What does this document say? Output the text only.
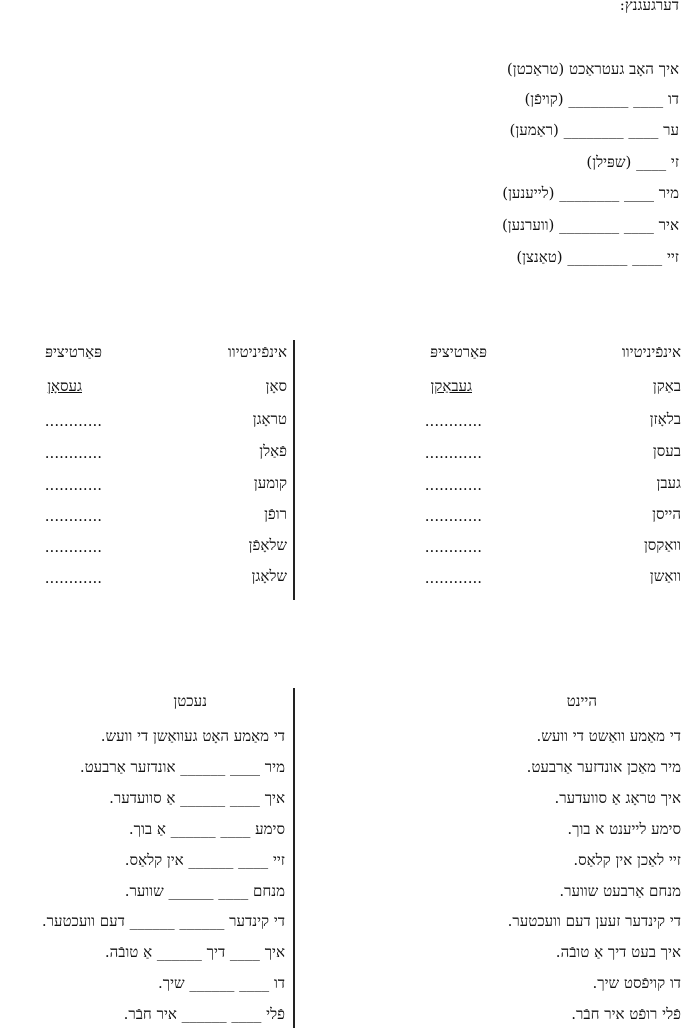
דערגעגנץ:
איך האָב געטראַכט (טראַכטן)
דו ____ ________ (קויפֿן)
ער ____ ________ (ראַמען)
זי ____ (שפּילן)
מיר ____ ________ (לייענען)
איר ____ ________ (ווערנען)
זיי ____ ________ (טאַנצן)
אינפֿיניטיוו
פּאַרטיציפּ
באַקן
געבאַקן
בלאָזן
בעסן
געבן
הייסן
וואַקסן
וואַשן
............
............
............
............
............
............
אינפֿיניטיוו
פּאַרטיציפּ
סאָן
געסאָן
טראָגן
פֿאַלן
קומען
רופֿן
שלאָפֿן
שלאָגן
............
............
............
............
............
............
היינט
נעכטן
די מאַמע וואַשט די וועש.
מיר מאַכן אונדזער אַרבעט.
איך טראָג אַ סוועדער.
סימע לייענט א בוך.
זיי לאַכן אין קלאַס.
מנחם אַרבעט שווער.
די קינדער זעען דעם וועכטער.
איך בעט דיך אַ טובֿה.
דו קויפֿסט שיך.
פֿלי רופֿט איר חבֿר.
די מאַמע האָט געוואַשן די וועש.
מיר ____ ______ אונדזער אַרבעט.
איך ____ ______ אַ סוועדער.
סימע ____ ______ אַ בוך.
זיי ____ ______ אין קלאַס.
מנחם ____ ______ שווער.
די קינדער ______ ______ דעם וועכטער.
איך ____ דיך ______ אַ טובֿה.
דו ____ ______ שיך.
פֿלי ____ ______ איר חבֿר.
